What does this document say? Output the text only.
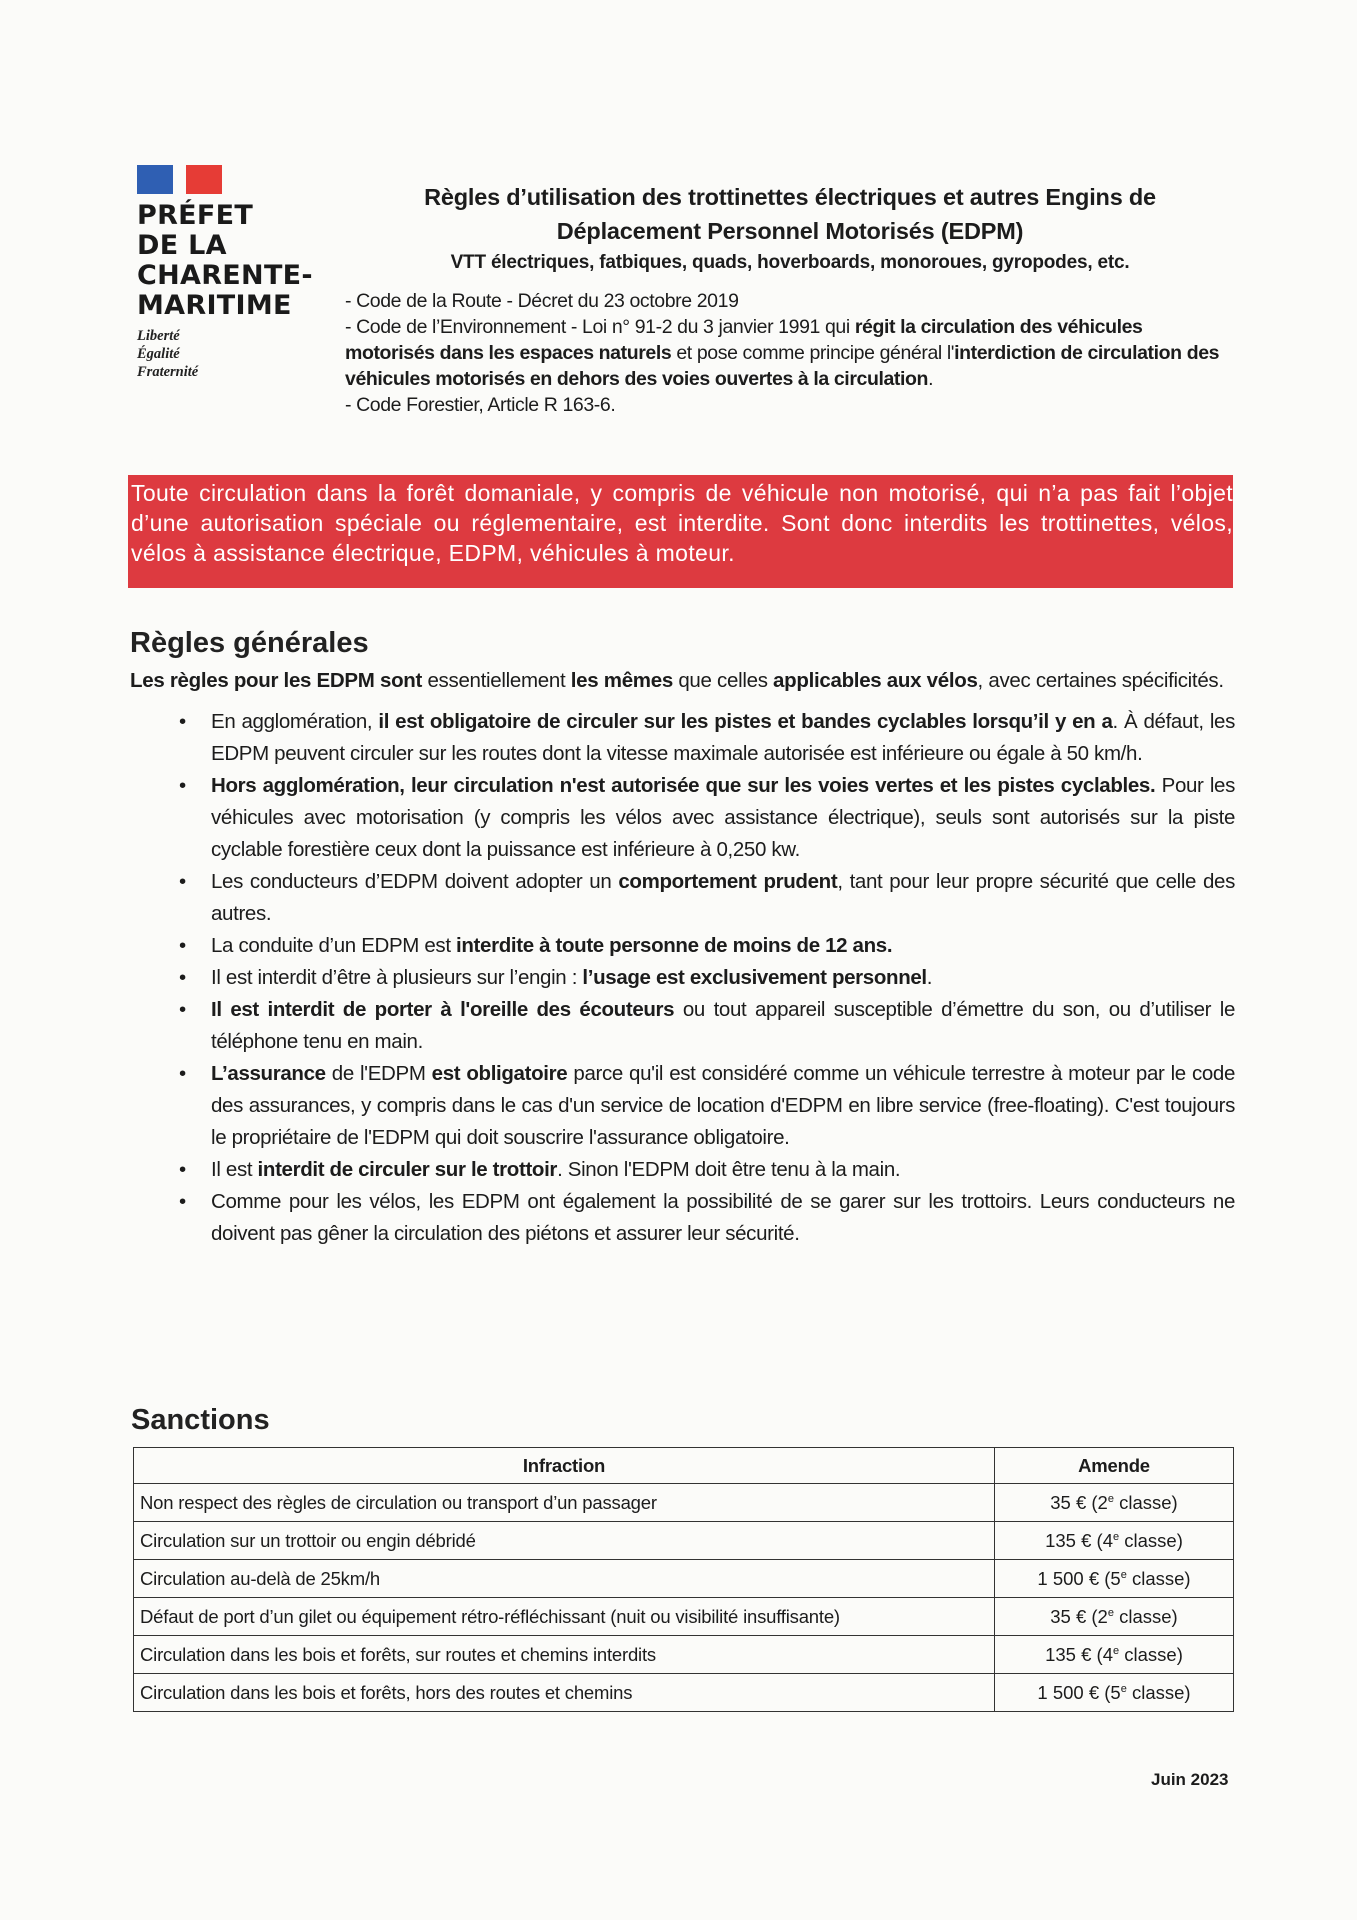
PRÉFET
DE LA
CHARENTE-
MARITIME
Liberté
Égalité
Fraternité
Règles d’utilisation des trottinettes électriques et autres Engins de
Déplacement Personnel Motorisés (EDPM)
VTT électriques, fatbiques, quads, hoverboards, monoroues, gyropodes, etc.
- Code de la Route - Décret du 23 octobre 2019
- Code de l’Environnement - Loi n° 91-2 du 3 janvier 1991 qui régit la circulation des véhicules motorisés dans les espaces naturels et pose comme principe général l'interdiction de circulation des véhicules motorisés en dehors des voies ouvertes à la circulation.
- Code Forestier, Article R 163-6.
Toute circulation dans la forêt domaniale, y compris de véhicule non motorisé, qui n’a pas fait l’objet d’une autorisation spéciale ou réglementaire, est interdite. Sont donc interdits les trottinettes, vélos, vélos à assistance électrique, EDPM, véhicules à moteur.
Règles générales
Les règles pour les EDPM sont essentiellement les mêmes que celles applicables aux vélos, avec certaines spécificités.
• En agglomération, il est obligatoire de circuler sur les pistes et bandes cyclables lorsqu’il y en a. À défaut, les EDPM peuvent circuler sur les routes dont la vitesse maximale autorisée est inférieure ou égale à 50 km/h.
• Hors agglomération, leur circulation n'est autorisée que sur les voies vertes et les pistes cyclables. Pour les véhicules avec motorisation (y compris les vélos avec assistance électrique), seuls sont autorisés sur la piste cyclable forestière ceux dont la puissance est inférieure à 0,250 kw.
• Les conducteurs d’EDPM doivent adopter un comportement prudent, tant pour leur propre sécurité que celle des autres.
• La conduite d’un EDPM est interdite à toute personne de moins de 12 ans.
• Il est interdit d’être à plusieurs sur l’engin : l’usage est exclusivement personnel.
• Il est interdit de porter à l'oreille des écouteurs ou tout appareil susceptible d’émettre du son, ou d’utiliser le téléphone tenu en main.
• L’assurance de l'EDPM est obligatoire parce qu'il est considéré comme un véhicule terrestre à moteur par le code des assurances, y compris dans le cas d'un service de location d'EDPM en libre service (free-floating). C'est toujours le propriétaire de l'EDPM qui doit souscrire l'assurance obligatoire.
• Il est interdit de circuler sur le trottoir. Sinon l'EDPM doit être tenu à la main.
• Comme pour les vélos, les EDPM ont également la possibilité de se garer sur les trottoirs. Leurs conducteurs ne doivent pas gêner la circulation des piétons et assurer leur sécurité.
Sanctions
Infraction	Amende
Non respect des règles de circulation ou transport d’un passager	35 € (2e classe)
Circulation sur un trottoir ou engin débridé	135 € (4e classe)
Circulation au-delà de 25km/h	1 500 € (5e classe)
Défaut de port d’un gilet ou équipement rétro-réfléchissant (nuit ou visibilité insuffisante)	35 € (2e classe)
Circulation dans les bois et forêts, sur routes et chemins interdits	135 € (4e classe)
Circulation dans les bois et forêts, hors des routes et chemins	1 500 € (5e classe)
Juin 2023
